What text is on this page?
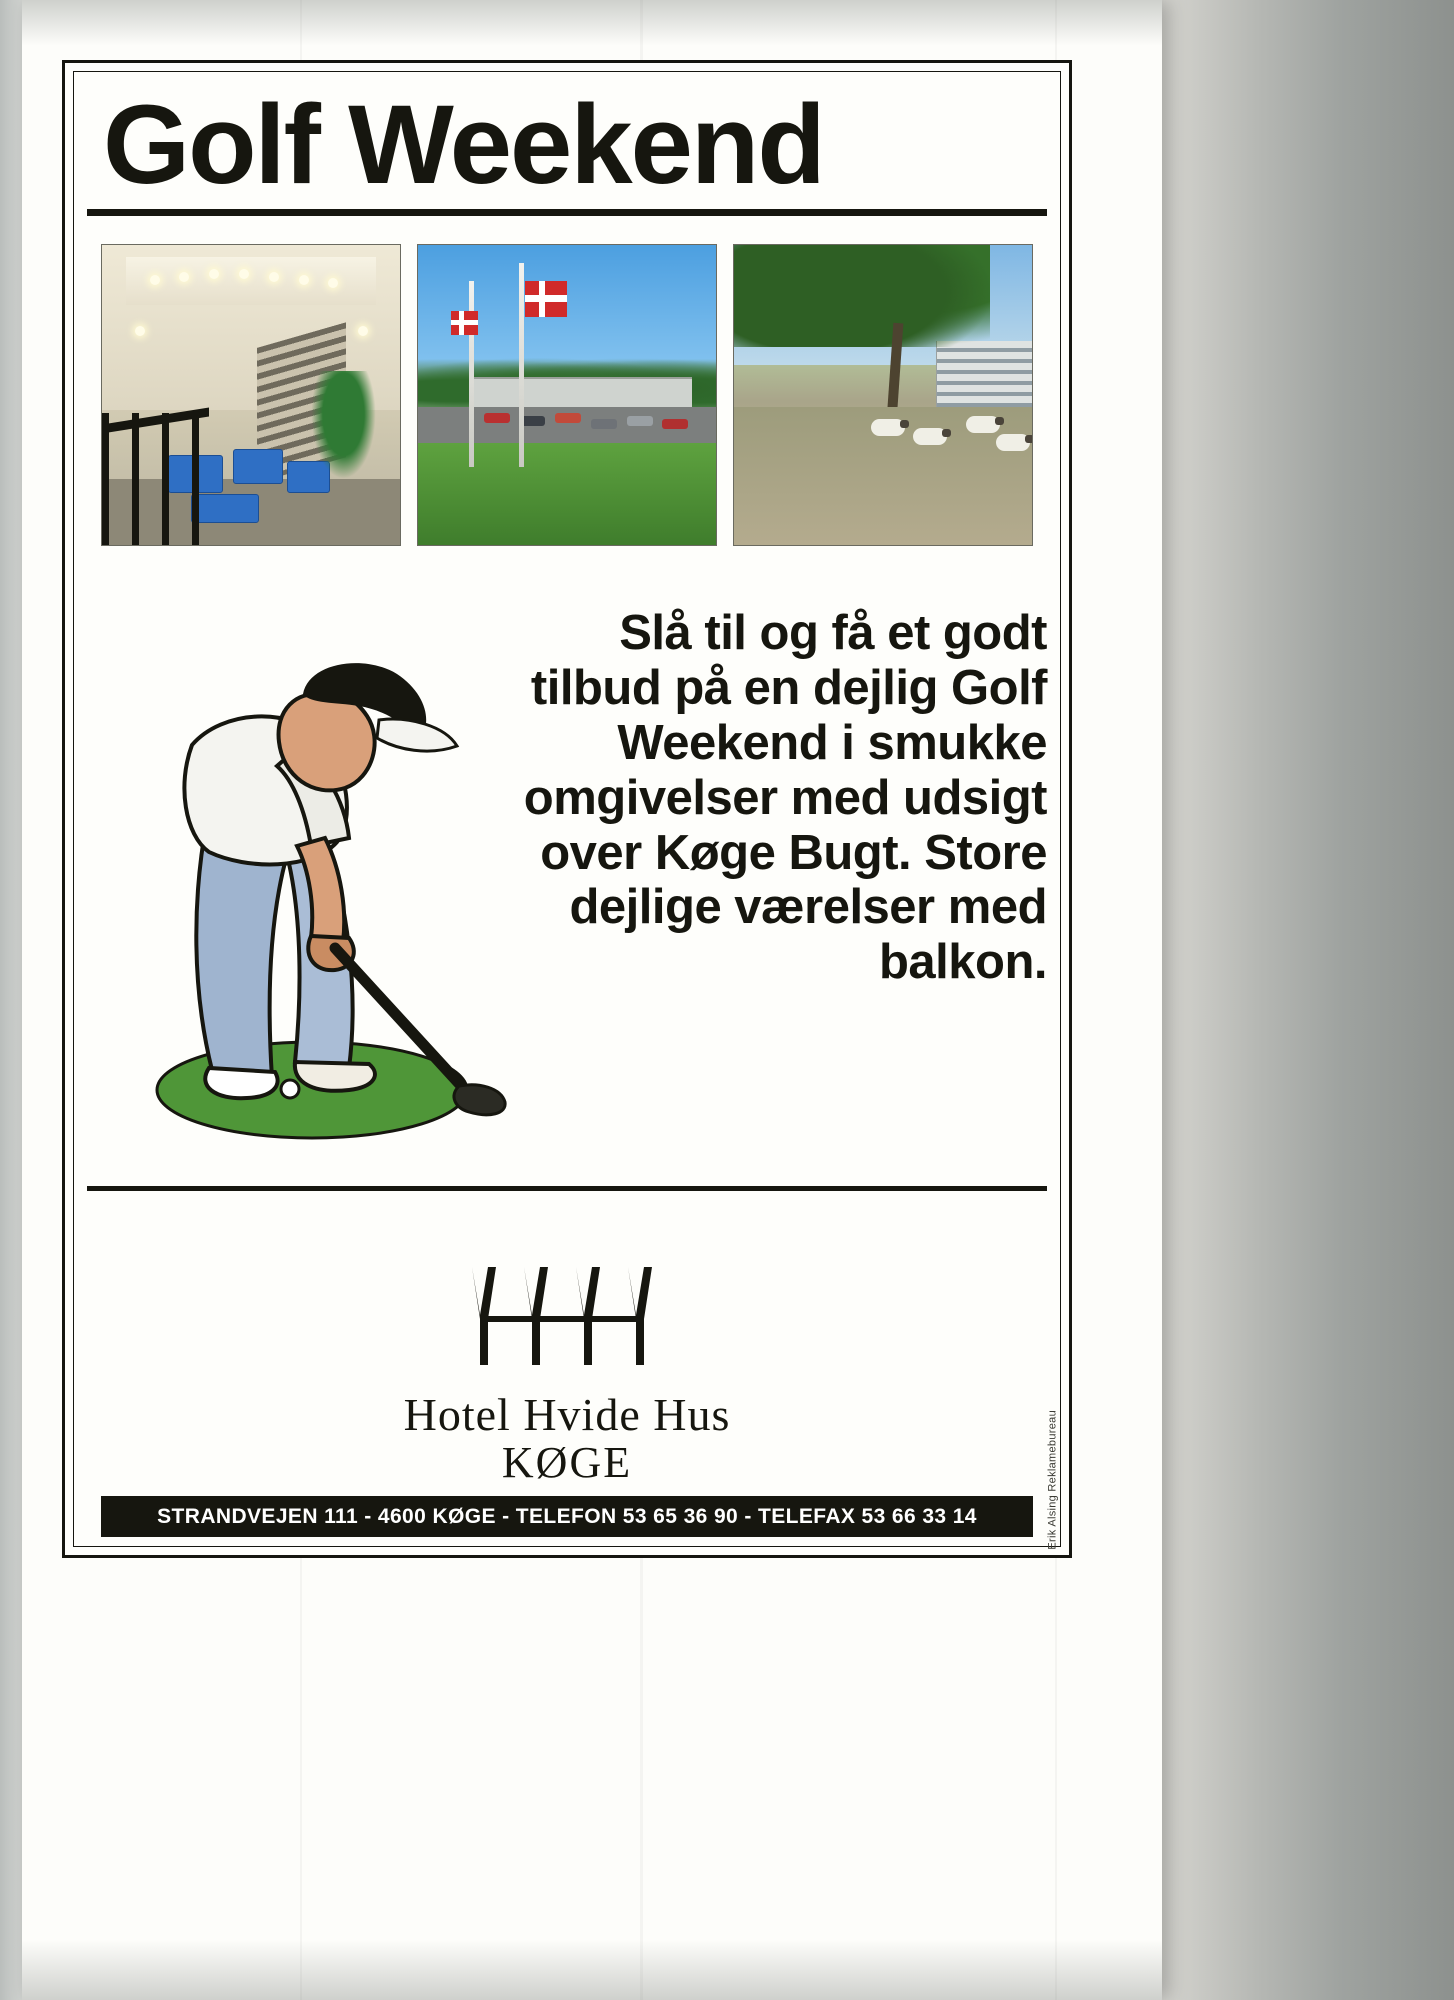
Golf Weekend
Slå til og få et godt tilbud på en dejlig Golf Weekend i smukke omgivelser med udsigt over Køge Bugt. Store dejlige værelser med balkon.
Hotel Hvide Hus
KØGE	Erik Alsing Reklamebureau
STRANDVEJEN 111 - 4600 KØGE - TELEFON 53 65 36 90 - TELEFAX 53 66 33 14
